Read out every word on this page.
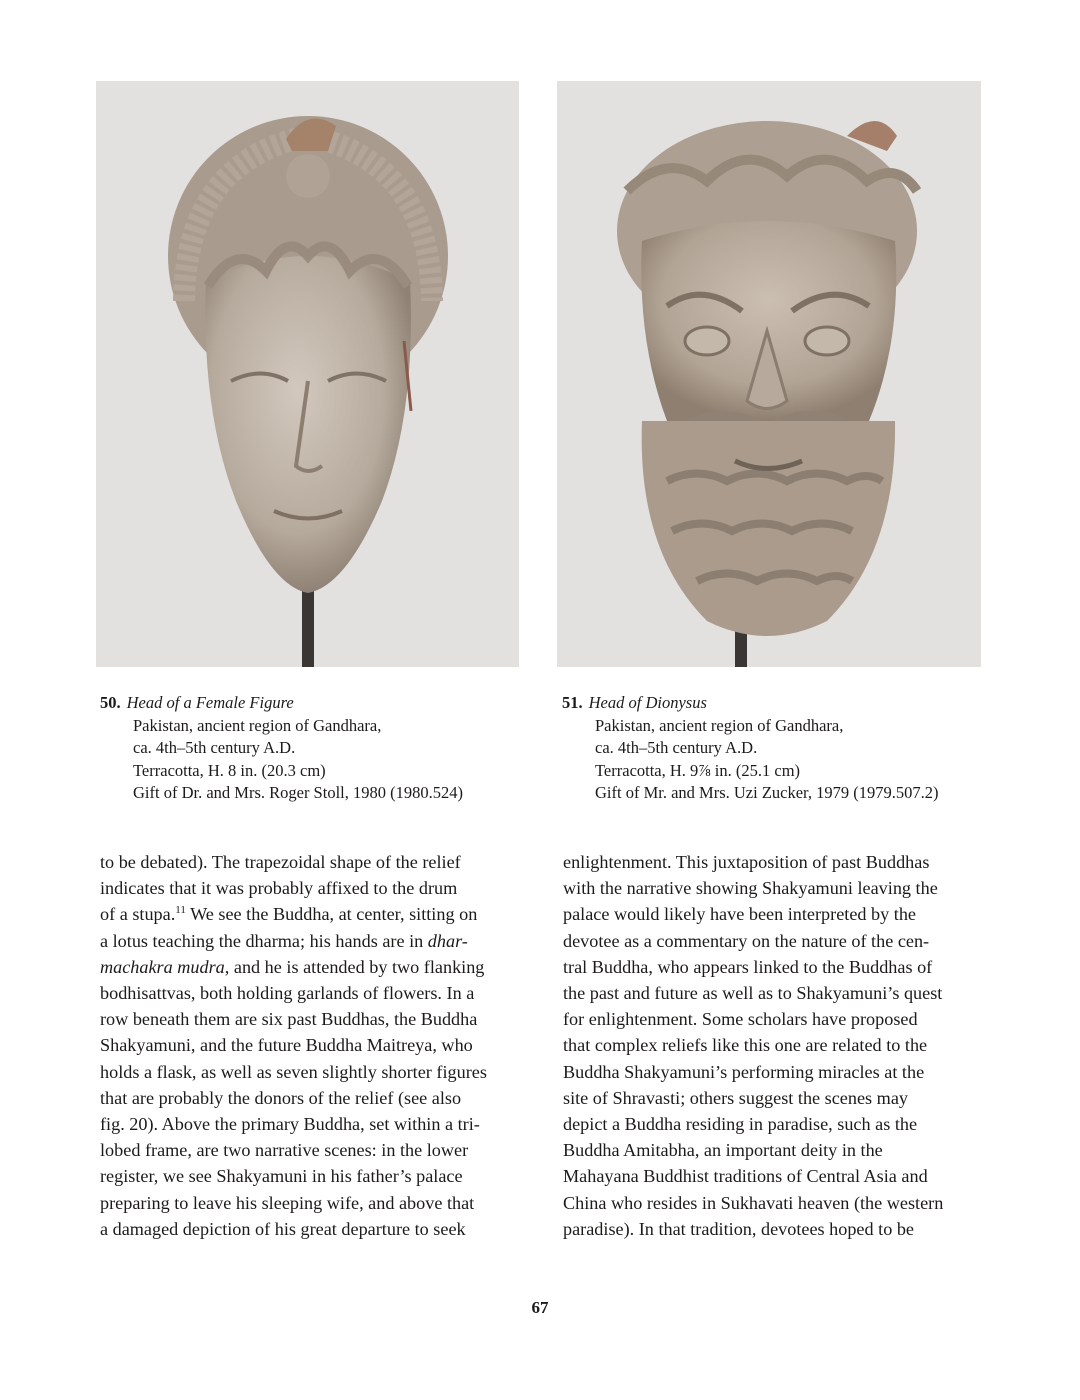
50. Head of a Female Figure
Pakistan, ancient region of Gandhara,
ca. 4th–5th century A.D.
Terracotta, H. 8 in. (20.3 cm)
Gift of Dr. and Mrs. Roger Stoll, 1980 (1980.524)
51. Head of Dionysus
Pakistan, ancient region of Gandhara,
ca. 4th–5th century A.D.
Terracotta, H. 9⅞ in. (25.1 cm)
Gift of Mr. and Mrs. Uzi Zucker, 1979 (1979.507.2)
to be debated). The trapezoidal shape of the relief
indicates that it was probably affixed to the drum
of a stupa.$^{11}$ We see the Buddha, at center, sitting on
a lotus teaching the dharma; his hands are in dhar-
machakra mudra, and he is attended by two flanking
bodhisattvas, both holding garlands of flowers. In a
row beneath them are six past Buddhas, the Buddha
Shakyamuni, and the future Buddha Maitreya, who
holds a flask, as well as seven slightly shorter figures
that are probably the donors of the relief (see also
fig. 20). Above the primary Buddha, set within a tri-
lobed frame, are two narrative scenes: in the lower
register, we see Shakyamuni in his father’s palace
preparing to leave his sleeping wife, and above that
a damaged depiction of his great departure to seek
enlightenment. This juxtaposition of past Buddhas
with the narrative showing Shakyamuni leaving the
palace would likely have been interpreted by the
devotee as a commentary on the nature of the cen-
tral Buddha, who appears linked to the Buddhas of
the past and future as well as to Shakyamuni’s quest
for enlightenment. Some scholars have proposed
that complex reliefs like this one are related to the
Buddha Shakyamuni’s performing miracles at the
site of Shravasti; others suggest the scenes may
depict a Buddha residing in paradise, such as the
Buddha Amitabha, an important deity in the
Mahayana Buddhist traditions of Central Asia and
China who resides in Sukhavati heaven (the western
paradise). In that tradition, devotees hoped to be
67
